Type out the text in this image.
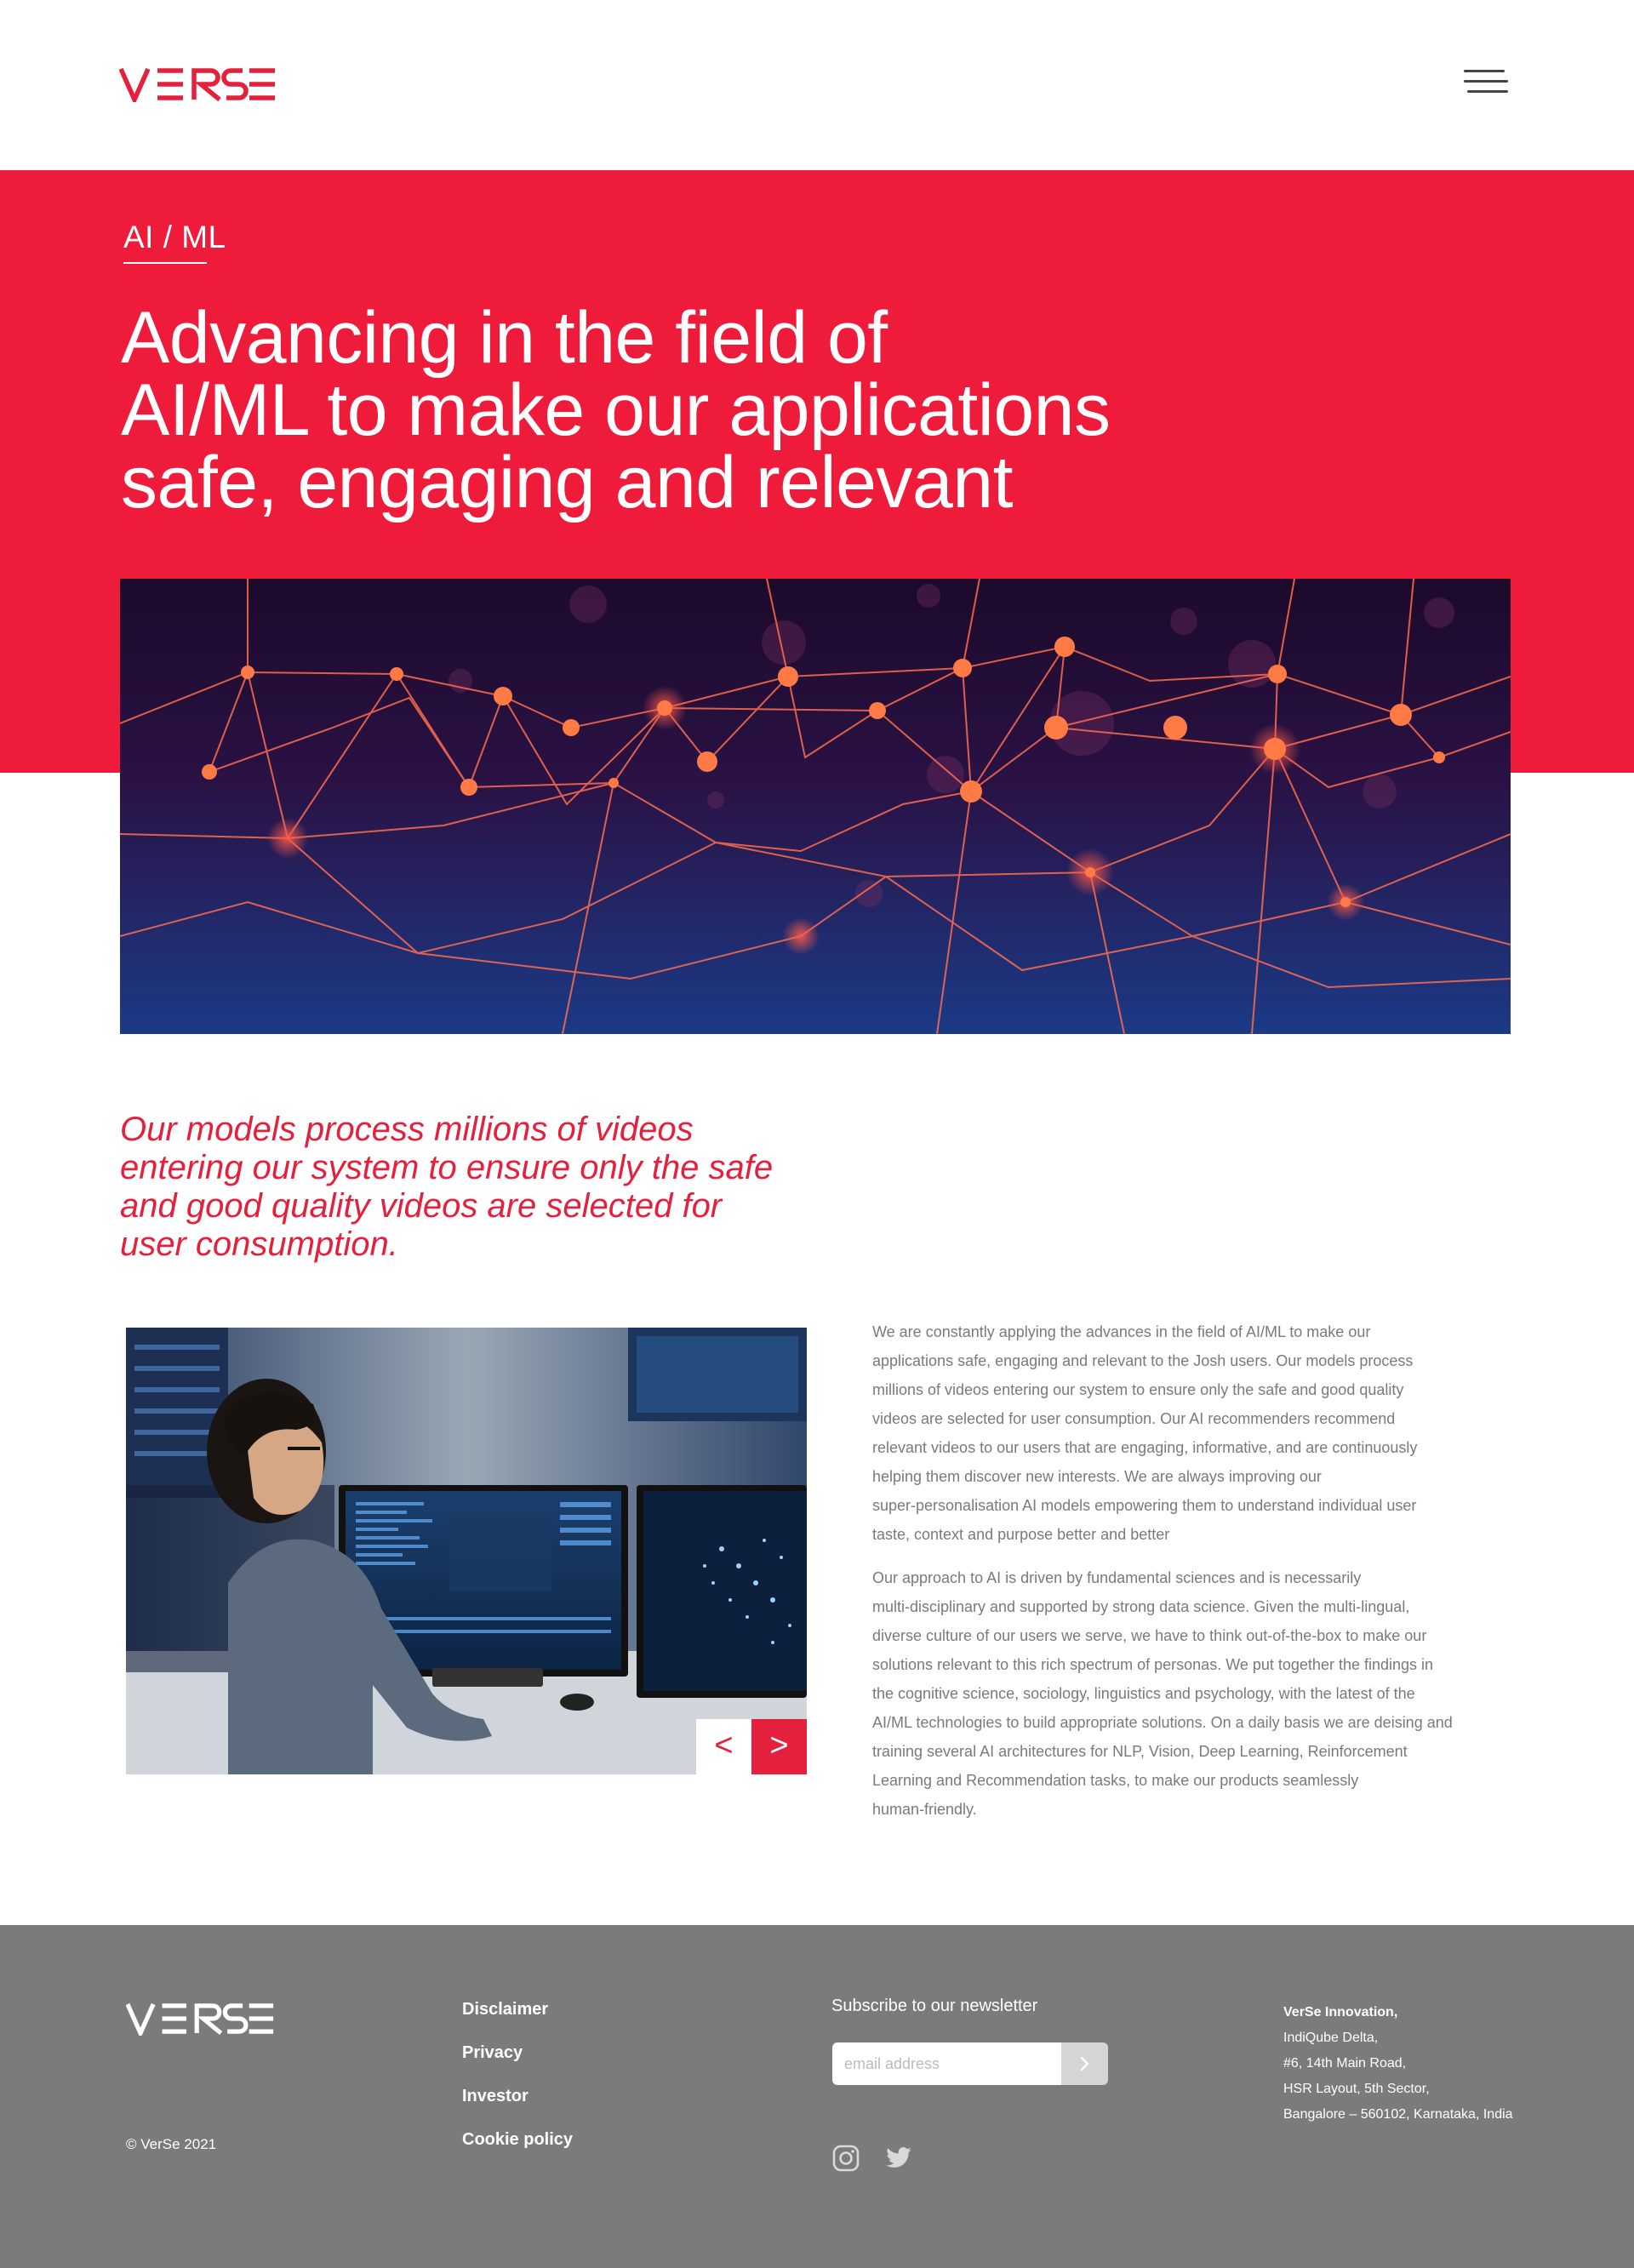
AI / ML
Advancing in the field of
AI/ML to make our applications
safe, engaging and relevant
Our models process millions of videos
entering our system to ensure only the safe
and good quality videos are selected for
user consumption.
<	>

We are constantly applying the advances in the field of AI/ML to make our
applications safe, engaging and relevant to the Josh users. Our models process
millions of videos entering our system to ensure only the safe and good quality
videos are selected for user consumption. Our AI recommenders recommend
relevant videos to our users that are engaging, informative, and are continuously
helping them discover new interests. We are always improving our
super-personalisation AI models empowering them to understand individual user
taste, context and purpose better and better

Our approach to AI is driven by fundamental sciences and is necessarily
multi-disciplinary and supported by strong data science. Given the multi-lingual,
diverse culture of our users we serve, we have to think out-of-the-box to make our
solutions relevant to this rich spectrum of personas. We put together the findings in
the cognitive science, sociology, linguistics and psychology, with the latest of the
AI/ML technologies to build appropriate solutions. On a daily basis we are deising and
training several AI architectures for NLP, Vision, Deep Learning, Reinforcement
Learning and Recommendation tasks, to make our products seamlessly
human-friendly.

© VerSe 2021
Disclaimer
Privacy
Investor
Cookie policy
Subscribe to our newsletter
email address	VerSe Innovation,
IndiQube Delta,
#6, 14th Main Road,
HSR Layout, 5th Sector,
Bangalore – 560102, Karnataka, India
